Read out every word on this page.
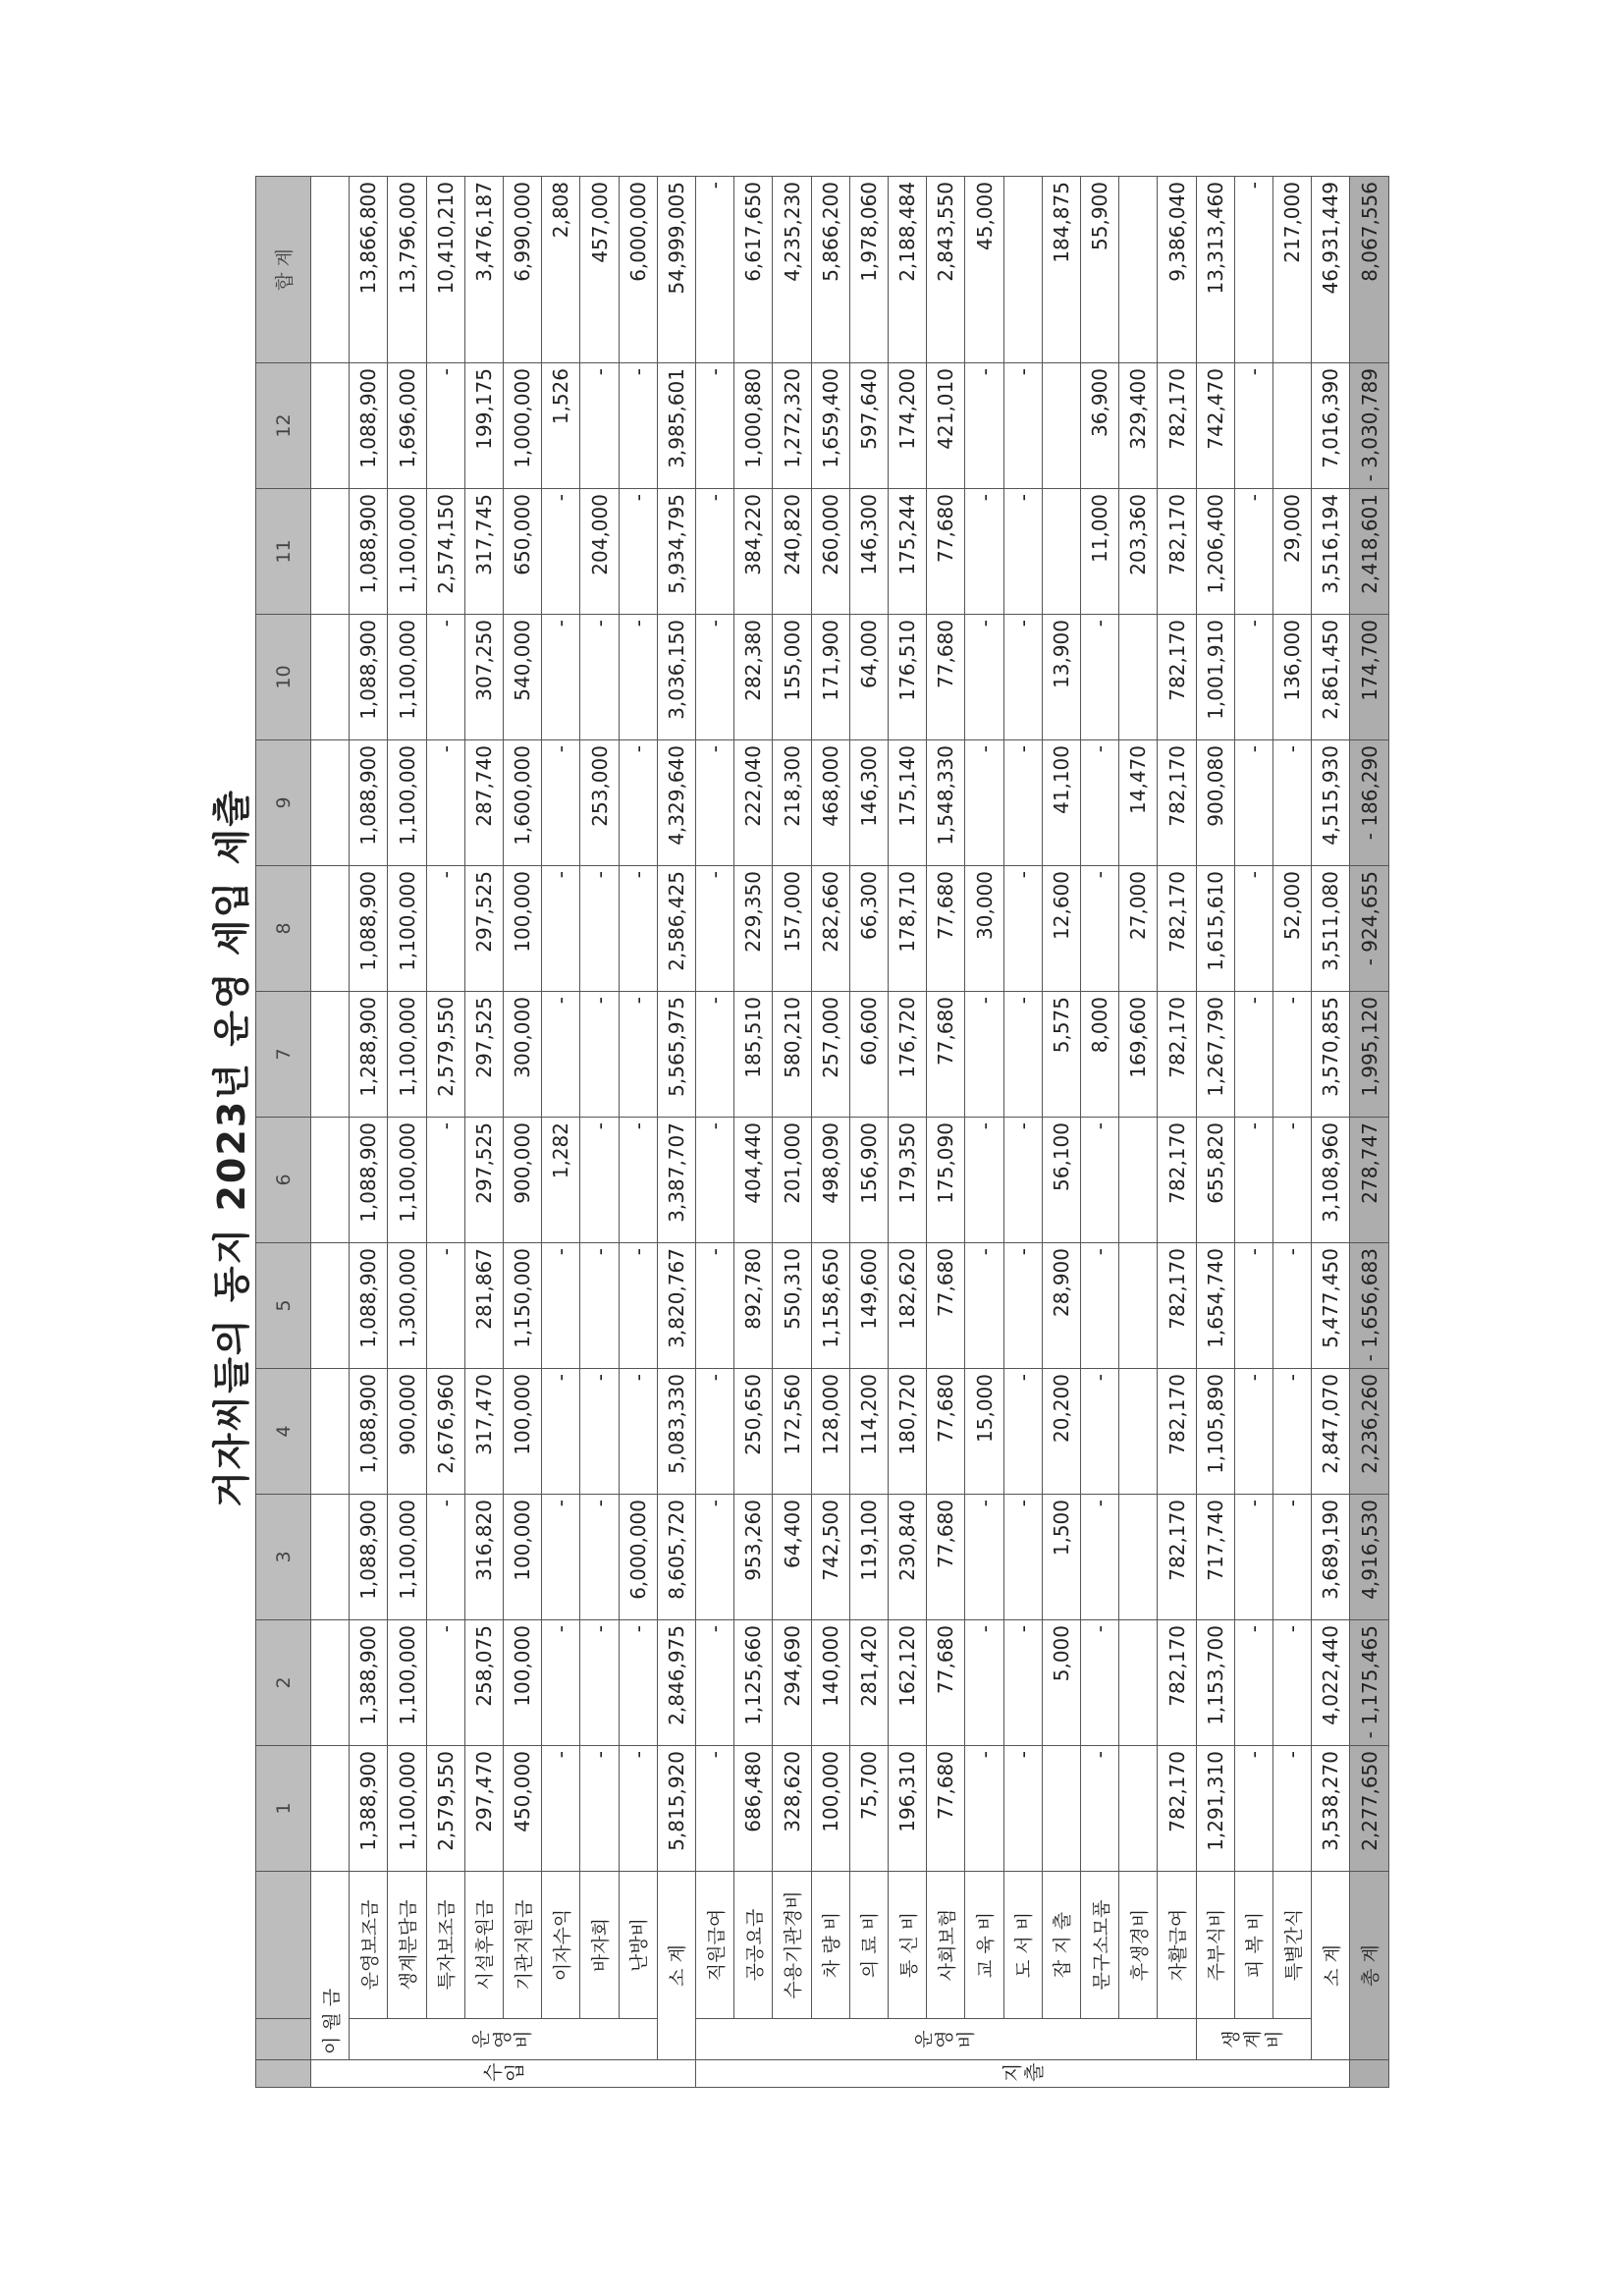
거자씨들의 동지 2023년 운영 세입 세출
			1	2	3	4	5	6	7	8	9	10	11	12	합 계
수
입	이 월 금														
	운영비	운영보조금	1,388,900	1,388,900	1,088,900	1,088,900	1,088,900	1,088,900	1,288,900	1,088,900	1,088,900	1,088,900	1,088,900	1,088,900	13,866,800
		생계분담금	1,100,000	1,100,000	1,100,000	900,000	1,300,000	1,100,000	1,100,000	1,100,000	1,100,000	1,100,000	1,100,000	1,696,000	13,796,000
		특자보조금	2,579,550	-	-	2,676,960	-	-	2,579,550	-	-	-	2,574,150	-	10,410,210
		시설후원금	297,470	258,075	316,820	317,470	281,867	297,525	297,525	297,525	287,740	307,250	317,745	199,175	3,476,187
		기관지원금	450,000	100,000	100,000	100,000	1,150,000	900,000	300,000	100,000	1,600,000	540,000	650,000	1,000,000	6,990,000
		이자수익	-	-	-	-	-	1,282	-	-	-	-	-	1,526	2,808
		바자회	-	-	-	-	-	-	-	-	253,000	-	204,000	-	457,000
		난방비	-	-	6,000,000	-	-	-	-	-	-	-	-	-	6,000,000
	소 계		5,815,920	2,846,975	8,605,720	5,083,330	3,820,767	3,387,707	5,565,975	2,586,425	4,329,640	3,036,150	5,934,795	3,985,601	54,999,005
지
출	운영
비	직원급여	-	-	-	-	-	-	-	-	-	-	-	-	-
		공공요금	686,480	1,125,660	953,260	250,650	892,780	404,440	185,510	229,350	222,040	282,380	384,220	1,000,880	6,617,650
		수용기관경비	328,620	294,690	64,400	172,560	550,310	201,000	580,210	157,000	218,300	155,000	240,820	1,272,320	4,235,230
		차 량 비	100,000	140,000	742,500	128,000	1,158,650	498,090	257,000	282,660	468,000	171,900	260,000	1,659,400	5,866,200
		의 료 비	75,700	281,420	119,100	114,200	149,600	156,900	60,600	66,300	146,300	64,000	146,300	597,640	1,978,060
		통 신 비	196,310	162,120	230,840	180,720	182,620	179,350	176,720	178,710	175,140	176,510	175,244	174,200	2,188,484
		사회보험	77,680	77,680	77,680	77,680	77,680	175,090	77,680	77,680	1,548,330	77,680	77,680	421,010	2,843,550
		교 육 비	-	-	-	15,000	-	-	-	30,000	-	-	-	-	45,000
		도 서 비	-	-	-	-	-	-	-	-	-	-	-	-	
		잡 지 출		5,000	1,500	20,200	28,900	56,100	5,575	12,600	41,100	13,900			184,875
		문구소모품	-	-	-	-	-	-	8,000	-	-	-	11,000	36,900	55,900
		후생경비							169,600	27,000	14,470		203,360	329,400	
		자활급여	782,170	782,170	782,170	782,170	782,170	782,170	782,170	782,170	782,170	782,170	782,170	782,170	9,386,040
	생
계
비	주부식비	1,291,310	1,153,700	717,740	1,105,890	1,654,740	655,820	1,267,790	1,615,610	900,080	1,001,910	1,206,400	742,470	13,313,460
		피 복 비	-	-	-	-	-	-	-	-	-	-	-	-	-
		특별간식	-	-	-	-	-	-	-	52,000	-	136,000	29,000		217,000
	소 계		3,538,270	4,022,440	3,689,190	2,847,070	5,477,450	3,108,960	3,570,855	3,511,080	4,515,930	2,861,450	3,516,194	7,016,390	46,931,449
	총 계		2,277,650	- 1,175,465	4,916,530	2,236,260	- 1,656,683	278,747	1,995,120	- 924,655	- 186,290	174,700	2,418,601	- 3,030,789	8,067,556
